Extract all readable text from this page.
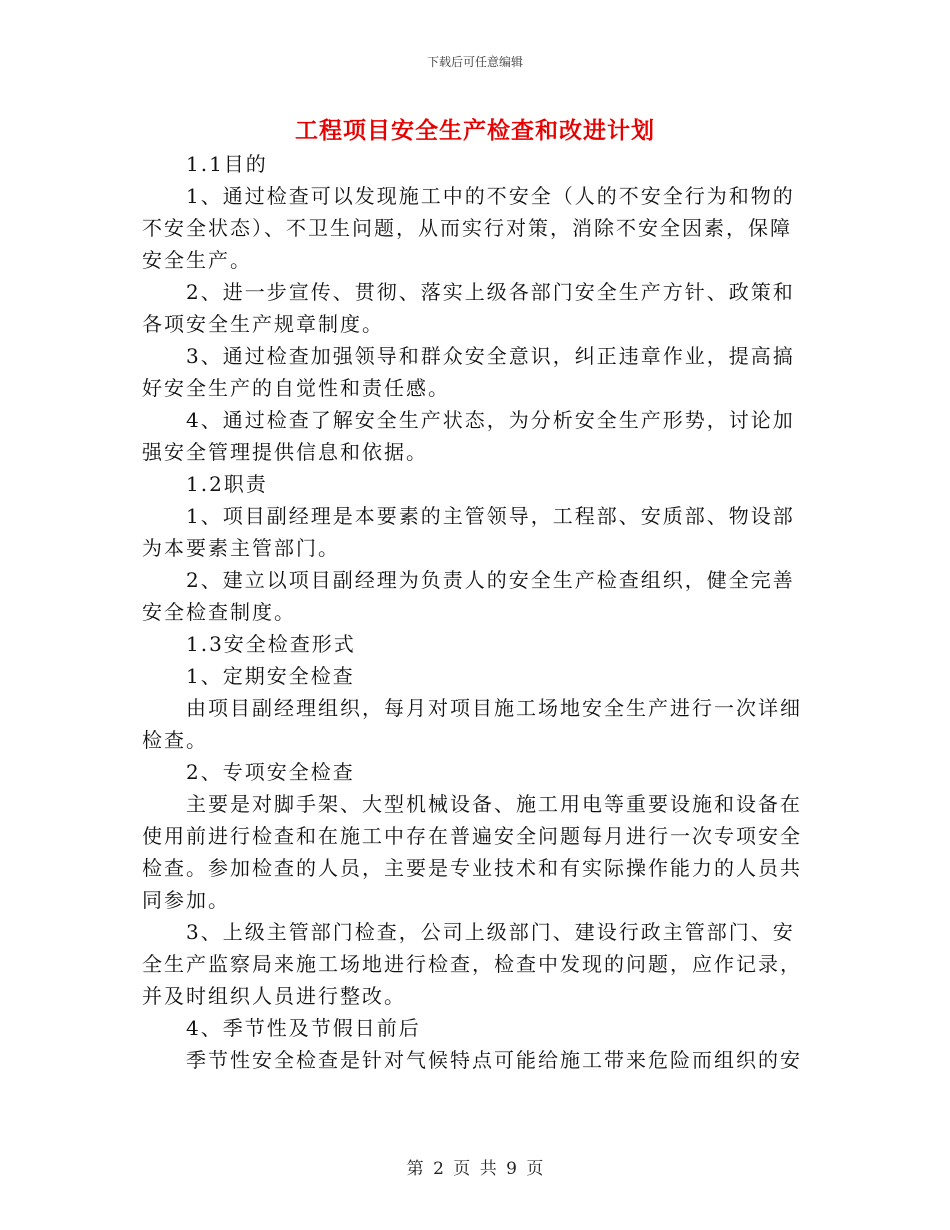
下载后可任意编辑
工程项目安全生产检查和改进计划

1.1目的

1、通过检查可以发现施工中的不安全（人的不安全行为和物的不安全状态）、不卫生问题，从而实行对策，消除不安全因素，保障安全生产。

2、进一步宣传、贯彻、落实上级各部门安全生产方针、政策和各项安全生产规章制度。

3、通过检查加强领导和群众安全意识，纠正违章作业，提高搞好安全生产的自觉性和责任感。

4、通过检查了解安全生产状态，为分析安全生产形势，讨论加强安全管理提供信息和依据。

1.2职责

1、项目副经理是本要素的主管领导，工程部、安质部、物设部为本要素主管部门。

2、建立以项目副经理为负责人的安全生产检查组织，健全完善安全检查制度。

1.3安全检查形式

1、定期安全检查

由项目副经理组织，每月对项目施工场地安全生产进行一次详细检查。

2、专项安全检查

主要是对脚手架、大型机械设备、施工用电等重要设施和设备在使用前进行检查和在施工中存在普遍安全问题每月进行一次专项安全检查。参加检查的人员，主要是专业技术和有实际操作能力的人员共同参加。

3、上级主管部门检查，公司上级部门、建设行政主管部门、安全生产监察局来施工场地进行检查，检查中发现的问题，应作记录，并及时组织人员进行整改。

4、季节性及节假日前后

季节性安全检查是针对气候特点可能给施工带来危险而组织的安

第 2 页 共 9 页
